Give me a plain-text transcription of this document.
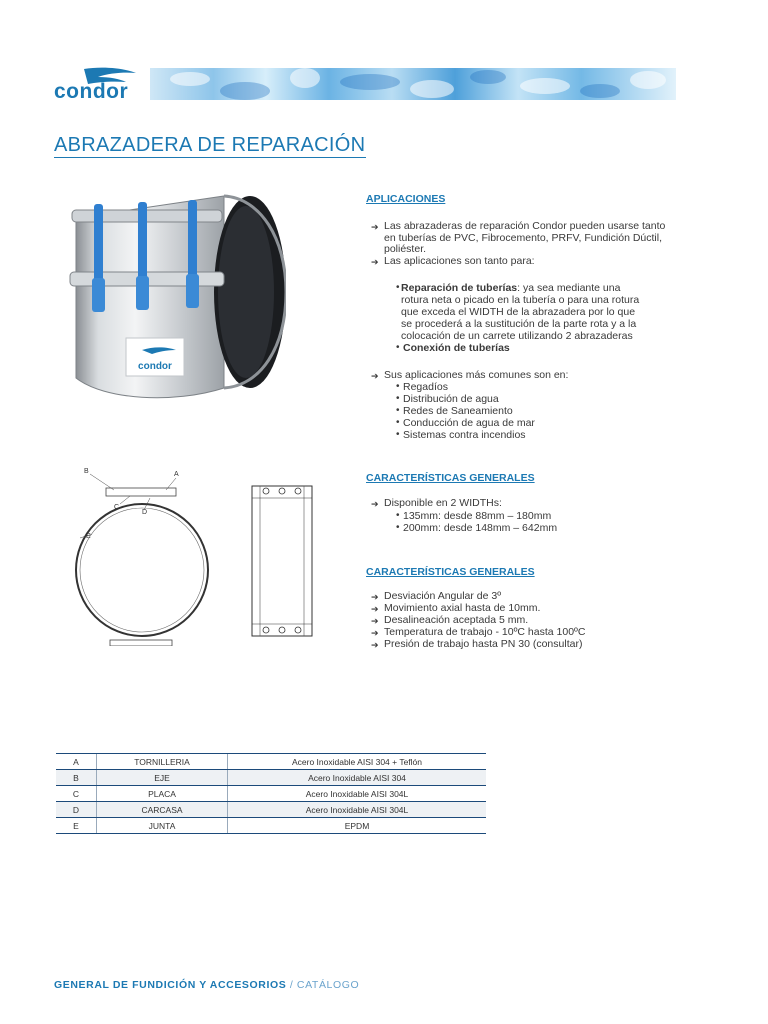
condor
ABRAZADERA DE REPARACIÓN
condor
B	A
C
D
E
APLICACIONES
➔ Las abrazaderas de reparación Condor pueden usarse tanto
en tuberías de PVC, Fibrocemento, PRFV, Fundición Dúctil,
poliéster.
➔ Las aplicaciones son tanto para:
• Reparación de tuberías: ya sea mediante una
rotura neta o picado en la tubería o para una rotura
que exceda el WIDTH de la abrazadera por lo que
se procederá a la sustitución de la parte rota y a la
colocación de un carrete utilizando 2 abrazaderas
• Conexión de tuberías
➔ Sus aplicaciones más comunes son en:
• Regadíos
• Distribución de agua
• Redes de Saneamiento
• Conducción de agua de mar
• Sistemas contra incendios
CARACTERÍSTICAS GENERALES
➔ Disponible en 2 WIDTHs:
• 135mm: desde 88mm – 180mm
• 200mm: desde 148mm – 642mm
CARACTERÍSTICAS GENERALES
➔ Desviación Angular de 3º
➔ Movimiento axial hasta de 10mm.
➔ Desalineación aceptada 5 mm.
➔ Temperatura de trabajo - 10ºC hasta 100ºC
➔ Presión de trabajo hasta PN 30 (consultar)
A	TORNILLERIA	Acero Inoxidable AISI 304 + Teflón
B	EJE	Acero Inoxidable AISI 304
C	PLACA	Acero Inoxidable AISI 304L
D	CARCASA	Acero Inoxidable AISI 304L
E	JUNTA	EPDM
GENERAL DE FUNDICIÓN Y ACCESORIOS / CATÁLOGO
